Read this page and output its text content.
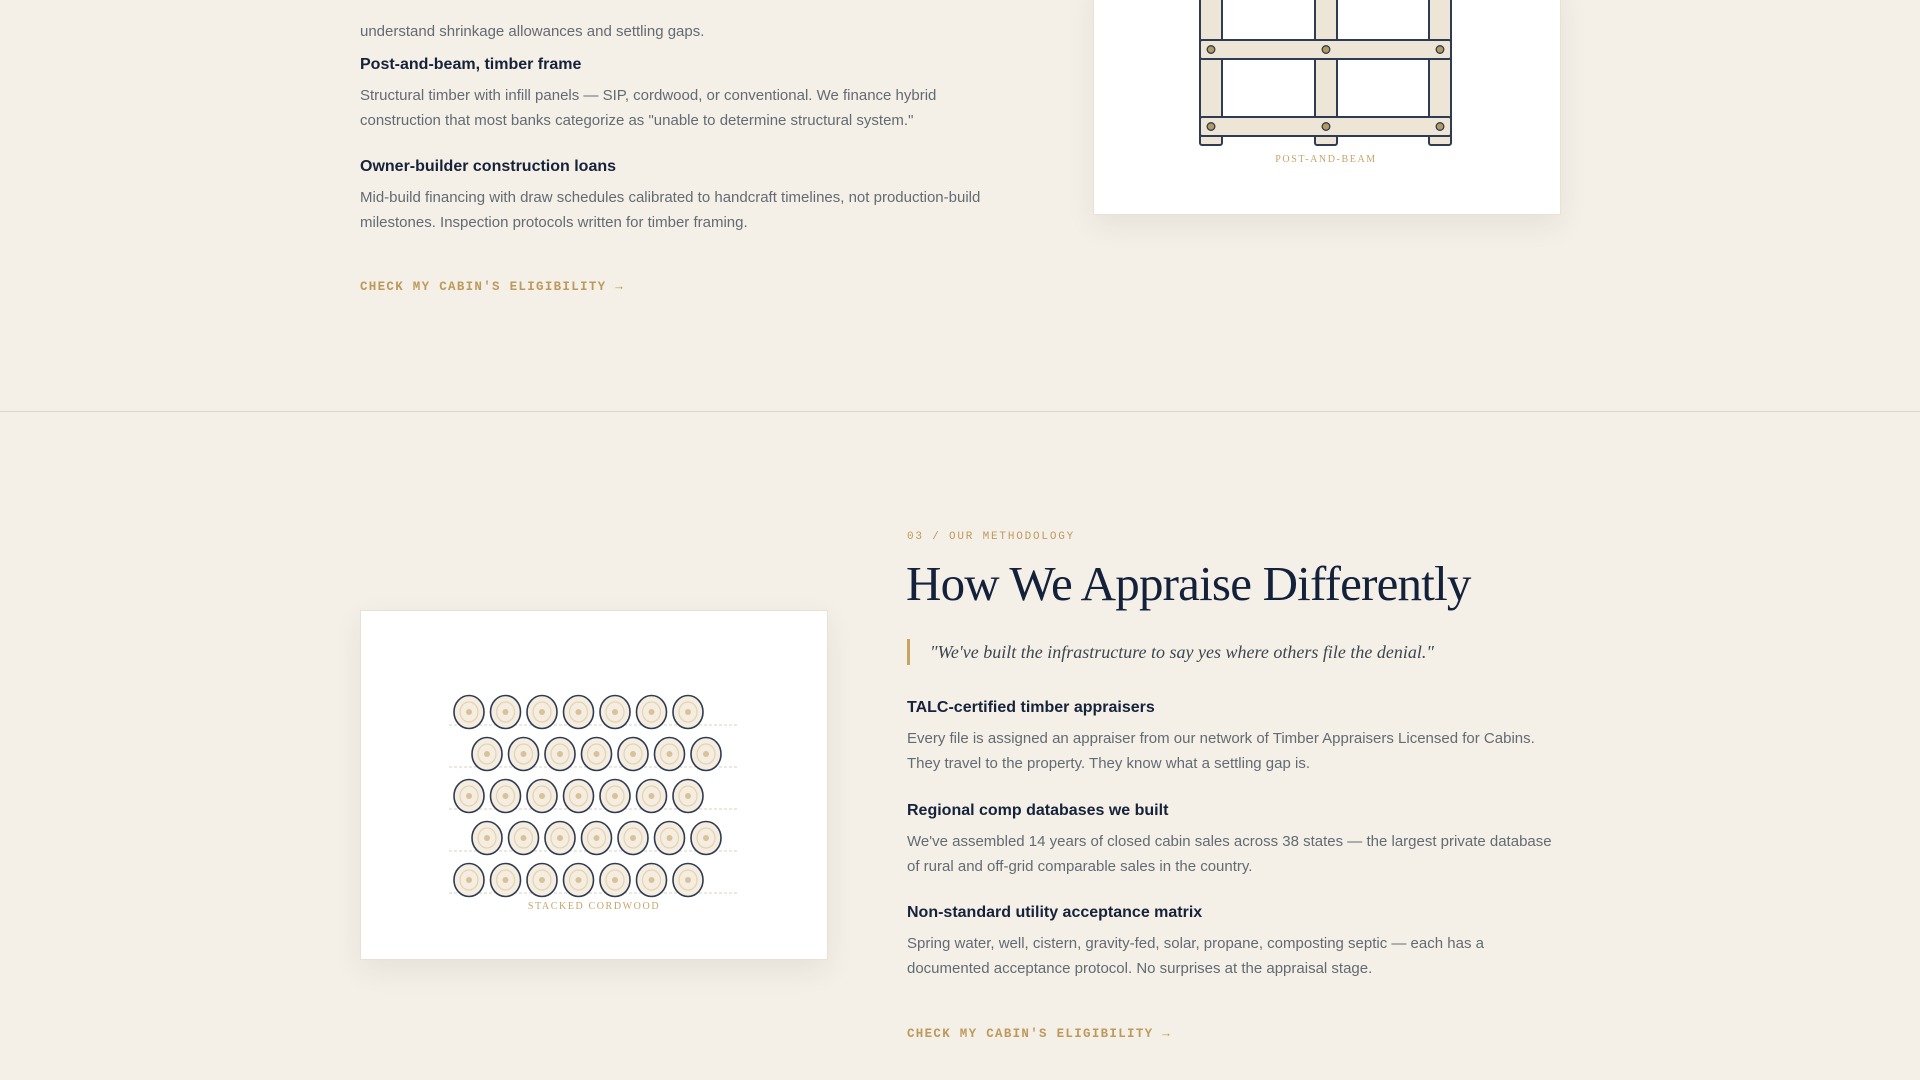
understand shrinkage allowances and settling gaps.

Post-and-beam, timber frame

Structural timber with infill panels — SIP, cordwood, or conventional. We finance hybrid construction that most banks categorize as "unable to determine structural system."

Owner-builder construction loans

Mid-build financing with draw schedules calibrated to handcraft timelines, not production-build milestones. Inspection protocols written for timber framing.

CHECK MY CABIN'S ELIGIBILITY →
POST-AND-BEAM
STACKED CORDWOOD
03 / OUR METHODOLOGY
How We Appraise Differently
"We've built the infrastructure to say yes where others file the denial."
TALC-certified timber appraisers

Every file is assigned an appraiser from our network of Timber Appraisers Licensed for Cabins. They travel to the property. They know what a settling gap is.

Regional comp databases we built

We've assembled 14 years of closed cabin sales across 38 states — the largest private database of rural and off-grid comparable sales in the country.

Non-standard utility acceptance matrix

Spring water, well, cistern, gravity-fed, solar, propane, composting septic — each has a documented acceptance protocol. No surprises at the appraisal stage.

CHECK MY CABIN'S ELIGIBILITY →
